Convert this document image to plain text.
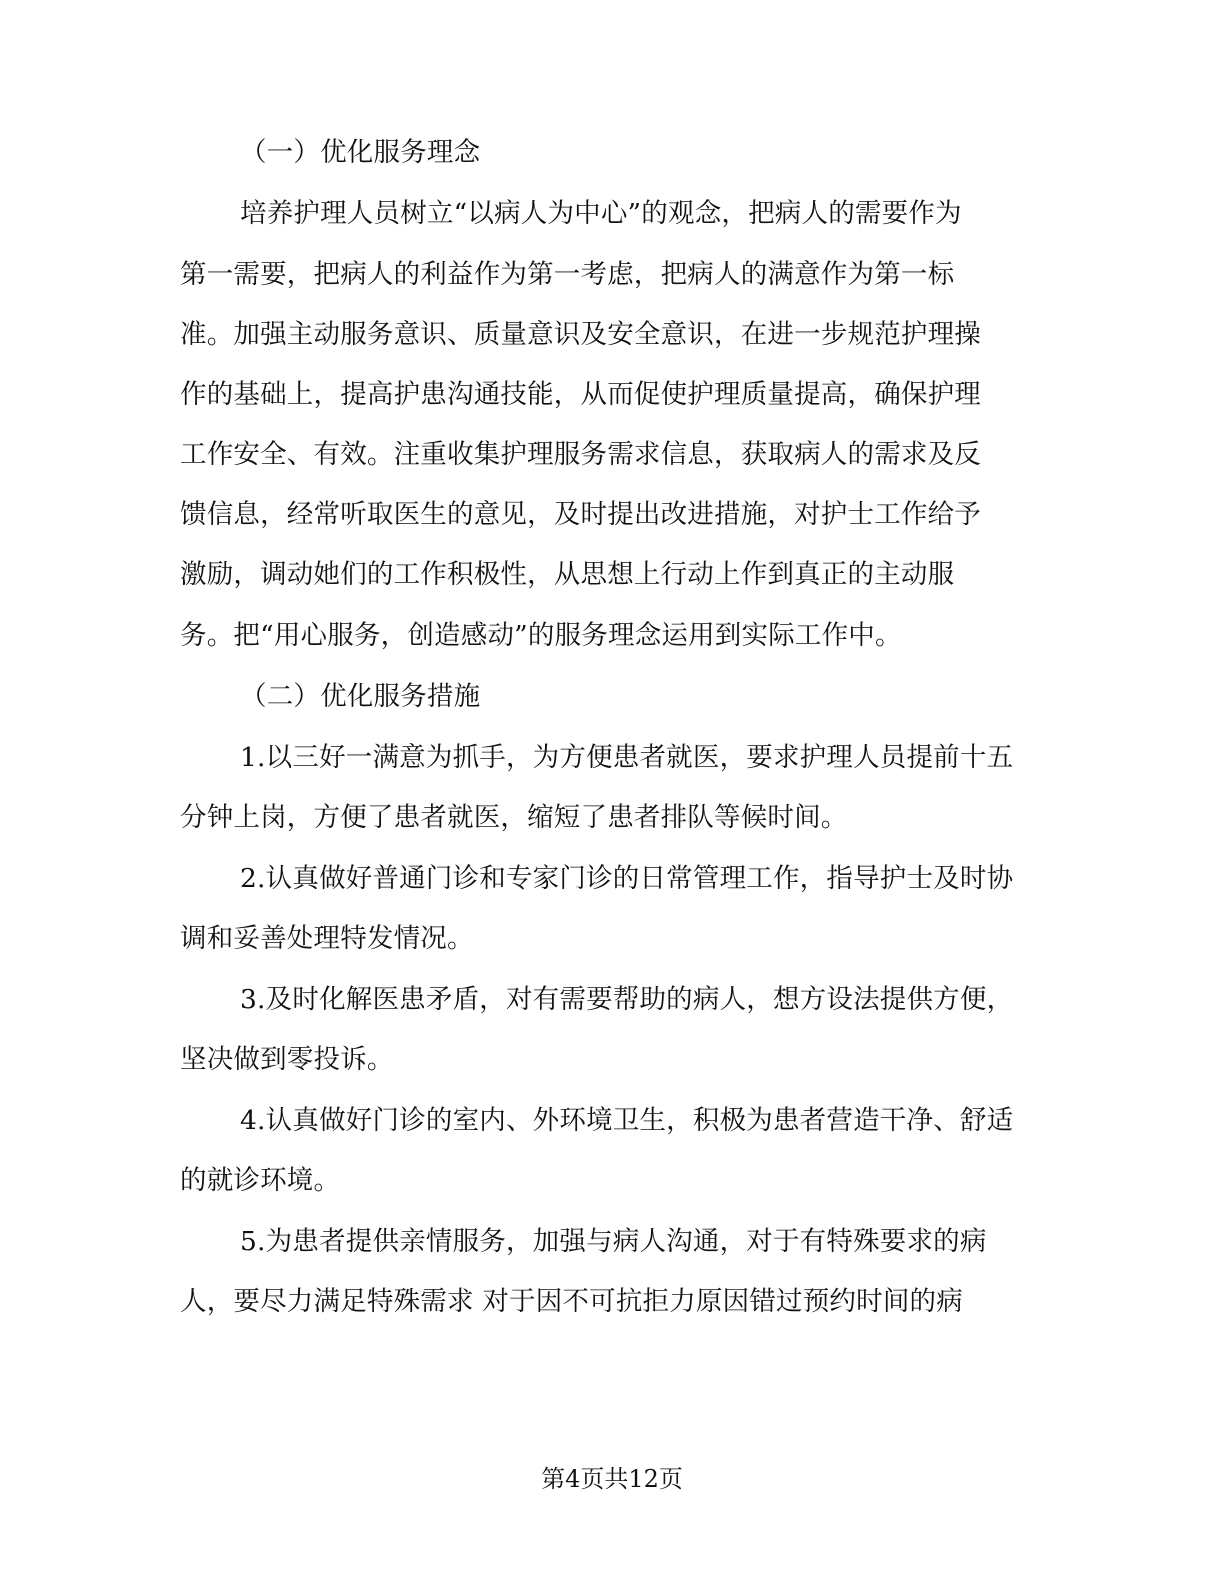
（一）优化服务理念
培养护理人员树立“以病人为中心”的观念，把病人的需要作为
第一需要，把病人的利益作为第一考虑，把病人的满意作为第一标
准。加强主动服务意识、质量意识及安全意识，在进一步规范护理操
作的基础上，提高护患沟通技能，从而促使护理质量提高，确保护理
工作安全、有效。注重收集护理服务需求信息，获取病人的需求及反
馈信息，经常听取医生的意见，及时提出改进措施，对护士工作给予
激励，调动她们的工作积极性，从思想上行动上作到真正的主动服
务。把“用心服务，创造感动”的服务理念运用到实际工作中。
（二）优化服务措施
1.以三好一满意为抓手，为方便患者就医，要求护理人员提前十五
分钟上岗，方便了患者就医，缩短了患者排队等候时间。
2.认真做好普通门诊和专家门诊的日常管理工作，指导护士及时协
调和妥善处理特发情况。
3.及时化解医患矛盾，对有需要帮助的病人，想方设法提供方便，
坚决做到零投诉。
4.认真做好门诊的室内、外环境卫生，积极为患者营造干净、舒适
的就诊环境。
5.为患者提供亲情服务，加强与病人沟通，对于有特殊要求的病
人，要尽力满足特殊需求 对于因不可抗拒力原因错过预约时间的病
第4页共12页
